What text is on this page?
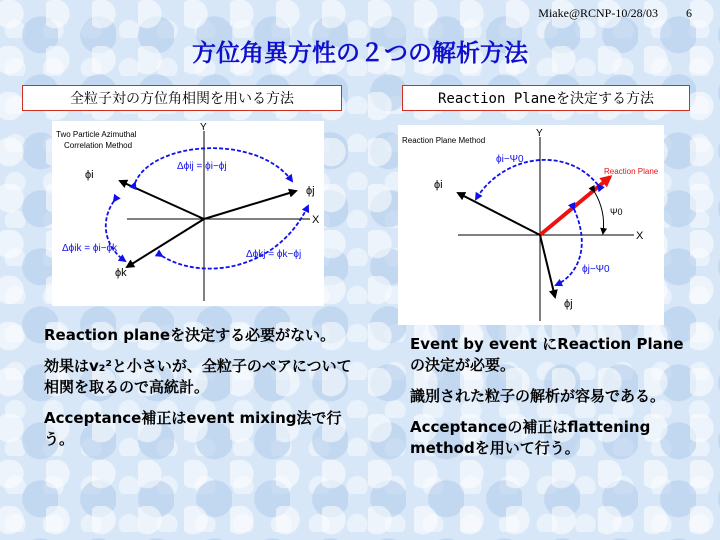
Miake@RCNP-10/28/03 6
方位角異方性の２つの解析方法
全粒子対の方位角相関を用いる方法	Reaction Planeを決定する方法
Two Particle Azimuthal
Correlation Method
Y
X
ϕi
ϕj
ϕk
Δϕij = ϕi−ϕj
Δϕik = ϕi−ϕk
Δϕkj = ϕk−ϕj
Reaction Plane Method
Y
X
ϕi
ϕj
Reaction Plane
Ψ0
ϕi−Ψ0
ϕj−Ψ0

Reaction planeを決定する必要がない。

効果はv₂²と小さいが、全粒子のペアについて相関を取るので高統計。

Acceptance補正はevent mixing法で行う。

Event by event にReaction Plane の決定が必要。

識別された粒子の解析が容易である。

Acceptanceの補正はflattening methodを用いて行う。
